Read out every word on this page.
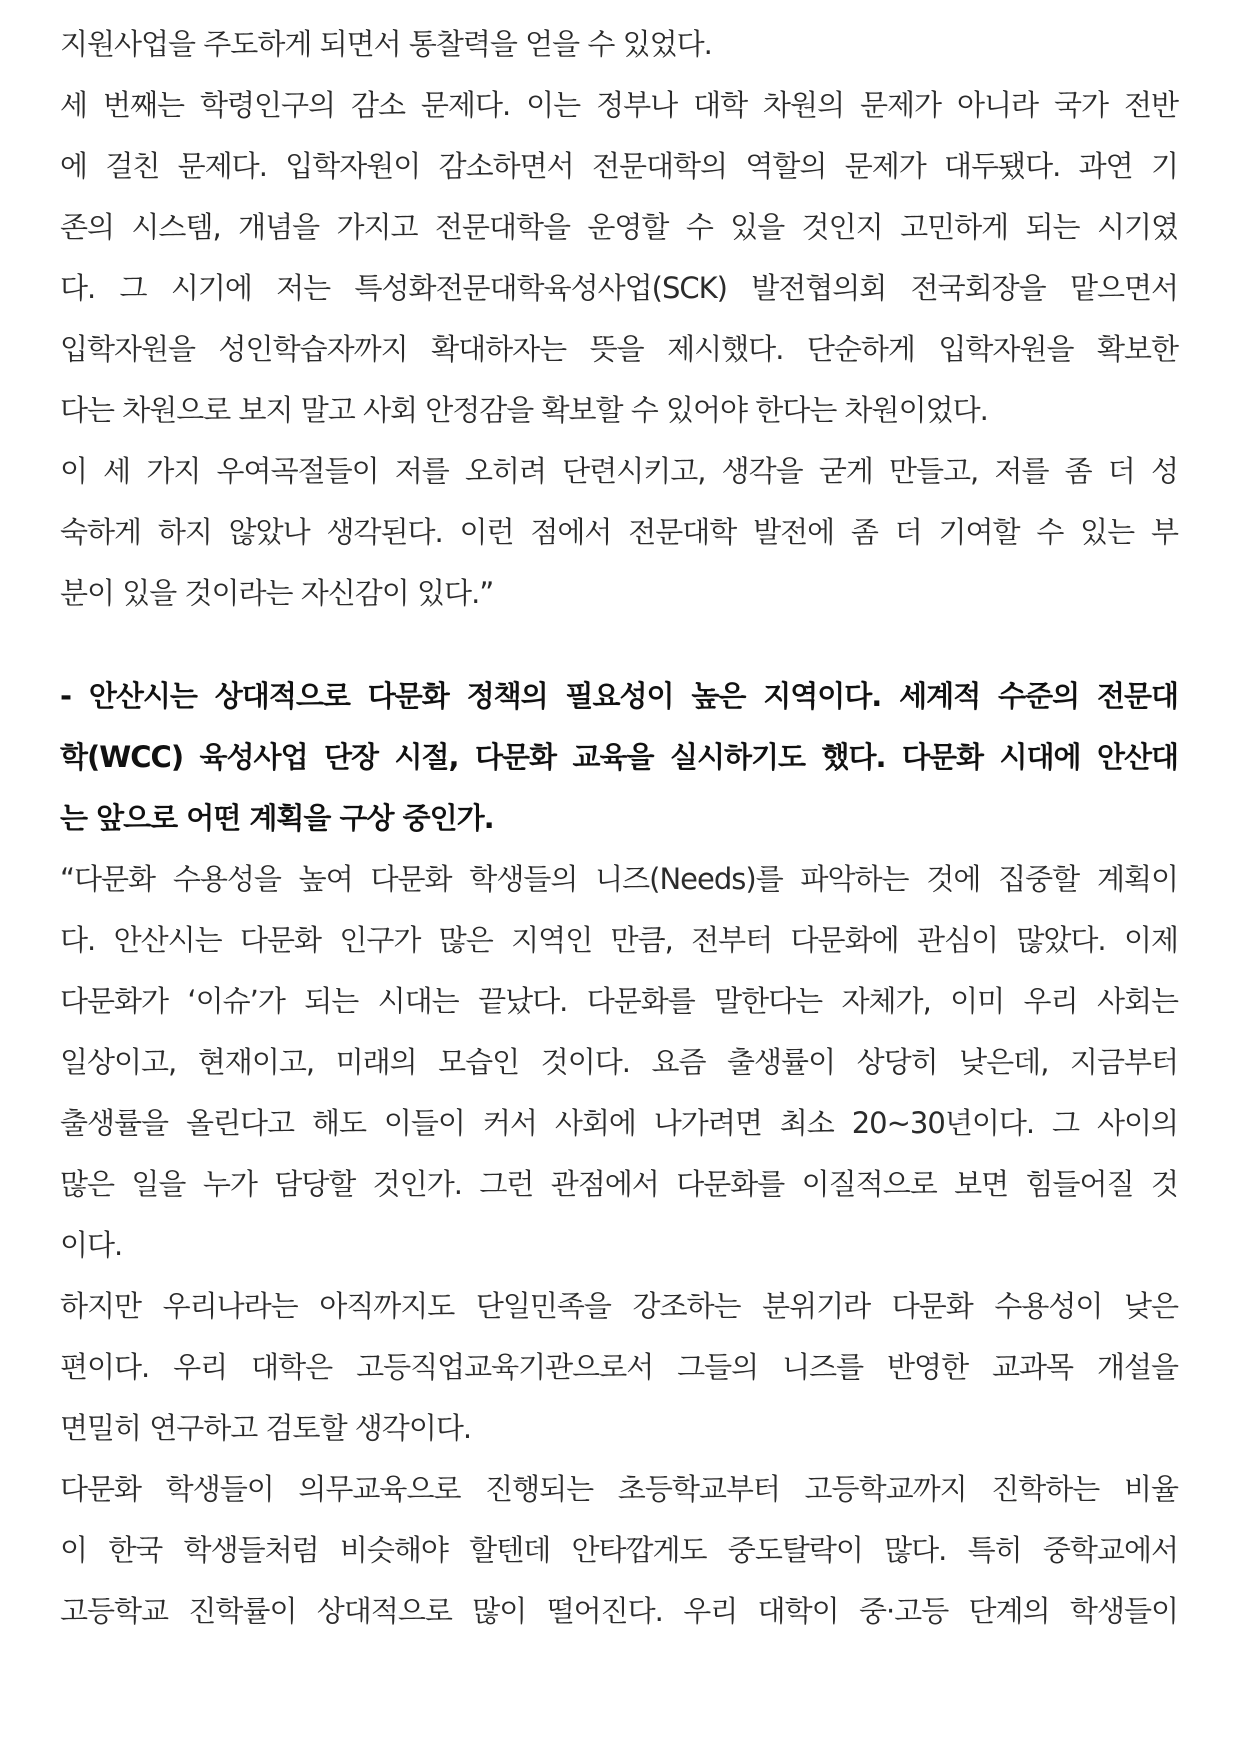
지원사업을 주도하게 되면서 통찰력을 얻을 수 있었다.
세 번째는 학령인구의 감소 문제다. 이는 정부나 대학 차원의 문제가 아니라 국가 전반
에 걸친 문제다. 입학자원이 감소하면서 전문대학의 역할의 문제가 대두됐다. 과연 기
존의 시스템, 개념을 가지고 전문대학을 운영할 수 있을 것인지 고민하게 되는 시기였
다. 그 시기에 저는 특성화전문대학육성사업(SCK) 발전협의회 전국회장을 맡으면서
입학자원을 성인학습자까지 확대하자는 뜻을 제시했다. 단순하게 입학자원을 확보한
다는 차원으로 보지 말고 사회 안정감을 확보할 수 있어야 한다는 차원이었다.
이 세 가지 우여곡절들이 저를 오히려 단련시키고, 생각을 굳게 만들고, 저를 좀 더 성
숙하게 하지 않았나 생각된다. 이런 점에서 전문대학 발전에 좀 더 기여할 수 있는 부
분이 있을 것이라는 자신감이 있다.”
- 안산시는 상대적으로 다문화 정책의 필요성이 높은 지역이다. 세계적 수준의 전문대
학(WCC) 육성사업 단장 시절, 다문화 교육을 실시하기도 했다. 다문화 시대에 안산대
는 앞으로 어떤 계획을 구상 중인가.
“다문화 수용성을 높여 다문화 학생들의 니즈(Needs)를 파악하는 것에 집중할 계획이
다. 안산시는 다문화 인구가 많은 지역인 만큼, 전부터 다문화에 관심이 많았다. 이제
다문화가 ‘이슈’가 되는 시대는 끝났다. 다문화를 말한다는 자체가, 이미 우리 사회는
일상이고, 현재이고, 미래의 모습인 것이다. 요즘 출생률이 상당히 낮은데, 지금부터
출생률을 올린다고 해도 이들이 커서 사회에 나가려면 최소 20~30년이다. 그 사이의
많은 일을 누가 담당할 것인가. 그런 관점에서 다문화를 이질적으로 보면 힘들어질 것
이다.
하지만 우리나라는 아직까지도 단일민족을 강조하는 분위기라 다문화 수용성이 낮은
편이다. 우리 대학은 고등직업교육기관으로서 그들의 니즈를 반영한 교과목 개설을
면밀히 연구하고 검토할 생각이다.
다문화 학생들이 의무교육으로 진행되는 초등학교부터 고등학교까지 진학하는 비율
이 한국 학생들처럼 비슷해야 할텐데 안타깝게도 중도탈락이 많다. 특히 중학교에서
고등학교 진학률이 상대적으로 많이 떨어진다. 우리 대학이 중·고등 단계의 학생들이
